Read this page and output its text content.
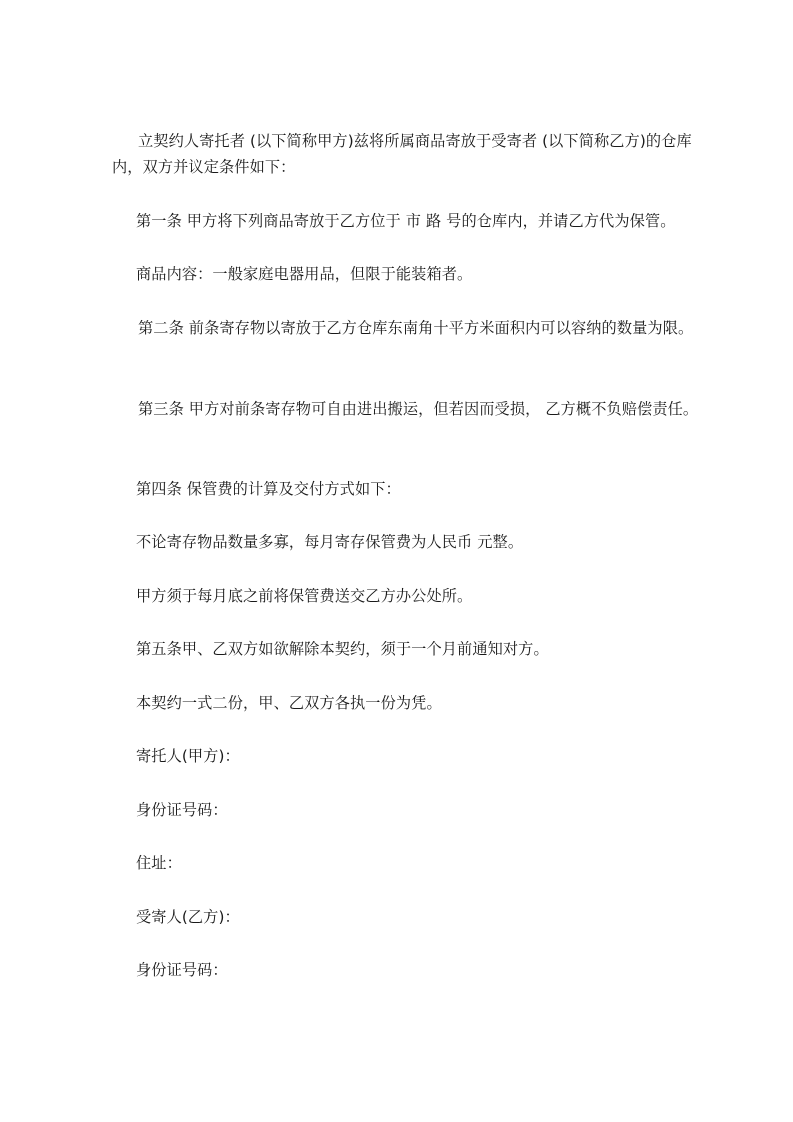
立契约人寄托者 (以下简称甲方)兹将所属商品寄放于受寄者 (以下简称乙方)的仓库内，双方并议定条件如下：

第一条 甲方将下列商品寄放于乙方位于 市 路 号的仓库内，并请乙方代为保管。

商品内容：一般家庭电器用品，但限于能装箱者。

第二条 前条寄存物以寄放于乙方仓库东南角十平方米面积内可以容纳的数量为限。

第三条 甲方对前条寄存物可自由进出搬运，但若因而受损， 乙方概不负赔偿责任。

第四条 保管费的计算及交付方式如下：

不论寄存物品数量多寡，每月寄存保管费为人民币 元整。

甲方须于每月底之前将保管费送交乙方办公处所。

第五条甲、乙双方如欲解除本契约，须于一个月前通知对方。

本契约一式二份，甲、乙双方各执一份为凭。

寄托人(甲方)：

身份证号码：

住址：

受寄人(乙方)：

身份证号码：
